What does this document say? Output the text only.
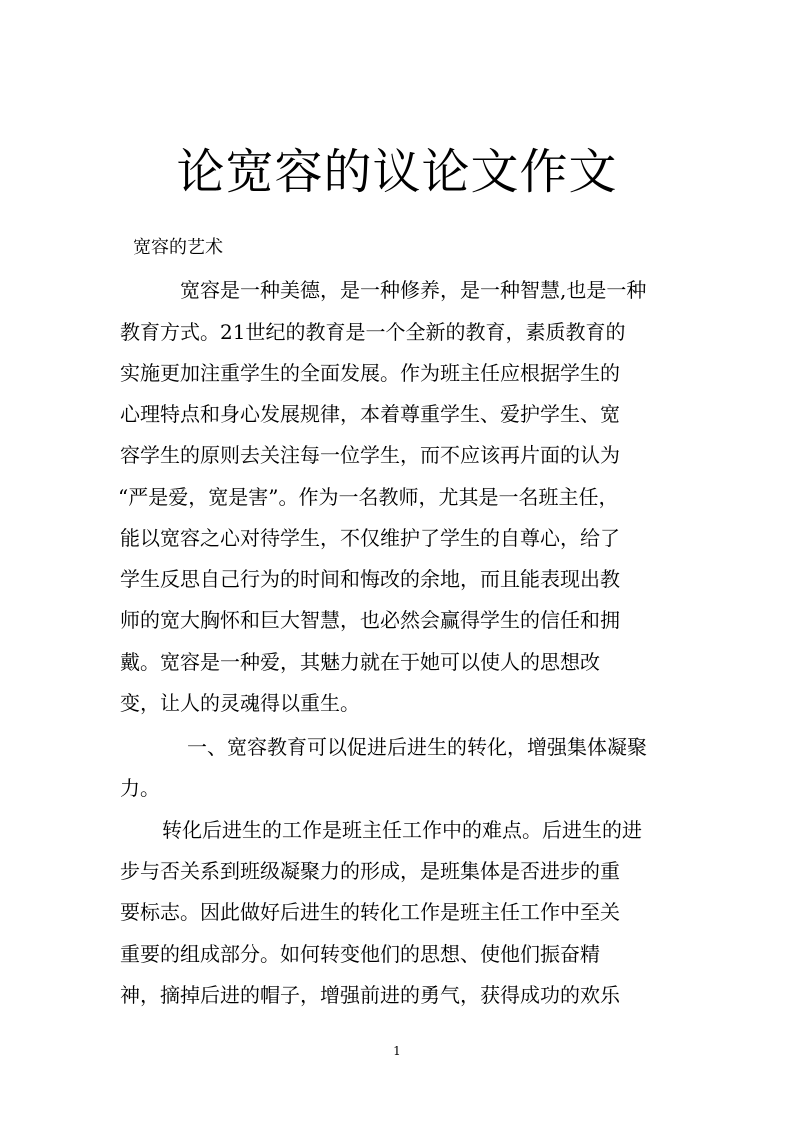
论宽容的议论文作文
宽容的艺术
宽容是一种美德，是一种修养，是一种智慧,也是一种
教育方式。21世纪的教育是一个全新的教育，素质教育的
实施更加注重学生的全面发展。作为班主任应根据学生的
心理特点和身心发展规律，本着尊重学生、爱护学生、宽
容学生的原则去关注每一位学生，而不应该再片面的认为
“严是爱，宽是害”。作为一名教师，尤其是一名班主任，
能以宽容之心对待学生，不仅维护了学生的自尊心，给了
学生反思自己行为的时间和悔改的余地，而且能表现出教
师的宽大胸怀和巨大智慧，也必然会赢得学生的信任和拥
戴。宽容是一种爱，其魅力就在于她可以使人的思想改
变，让人的灵魂得以重生。
一、宽容教育可以促进后进生的转化，增强集体凝聚
力。
转化后进生的工作是班主任工作中的难点。后进生的进
步与否关系到班级凝聚力的形成，是班集体是否进步的重
要标志。因此做好后进生的转化工作是班主任工作中至关
重要的组成部分。如何转变他们的思想、使他们振奋精
神，摘掉后进的帽子，增强前进的勇气，获得成功的欢乐
1
